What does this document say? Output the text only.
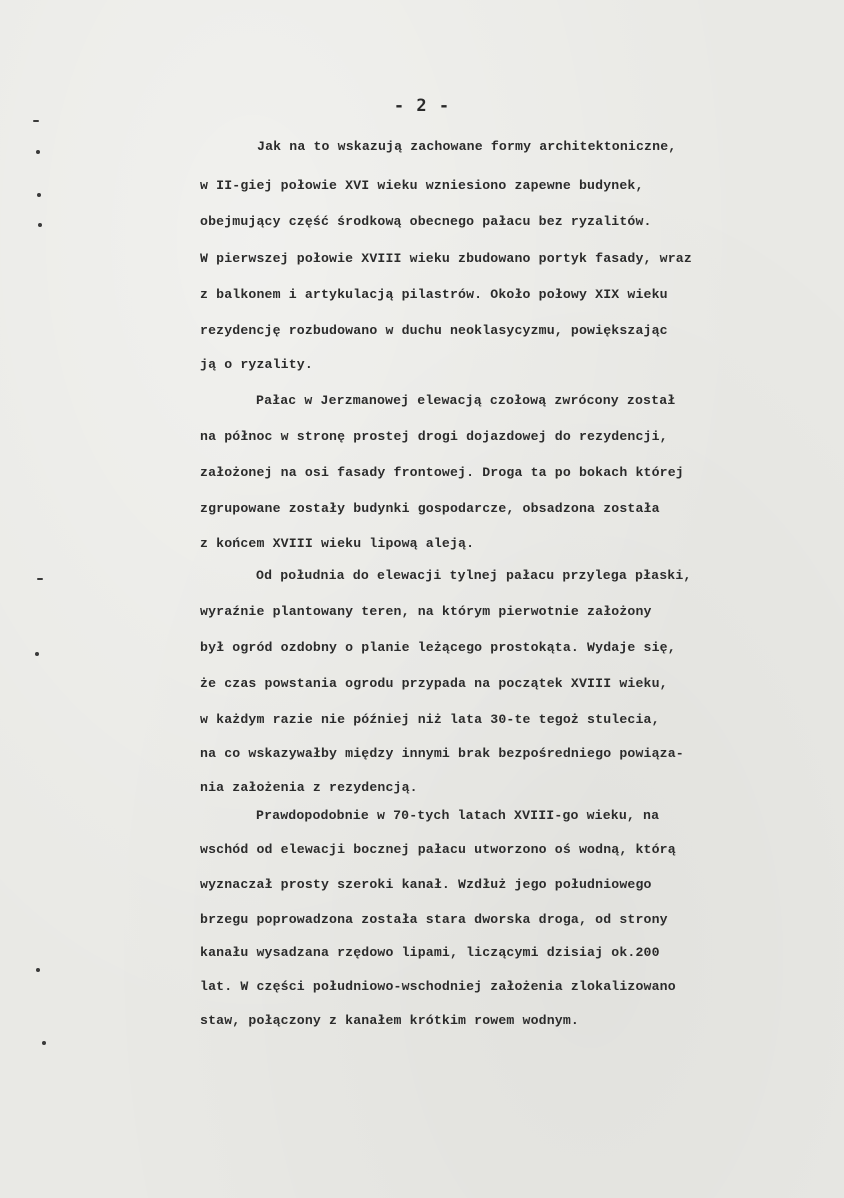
- 2 -
Jak na to wskazują zachowane formy architektoniczne,
w II-giej połowie XVI wieku wzniesiono zapewne budynek,
obejmujący część środkową obecnego pałacu bez ryzalitów.
W pierwszej połowie XVIII wieku zbudowano portyk fasady, wraz
z balkonem i artykulacją pilastrów. Około połowy XIX wieku
rezydencję rozbudowano w duchu neoklasycyzmu, powiększając
ją o ryzality.
Pałac w Jerzmanowej elewacją czołową zwrócony został
na północ w stronę prostej drogi dojazdowej do rezydencji,
założonej na osi fasady frontowej. Droga ta po bokach której
zgrupowane zostały budynki gospodarcze, obsadzona została
z końcem XVIII wieku lipową aleją.
Od południa do elewacji tylnej pałacu przylega płaski,
wyraźnie plantowany teren, na którym pierwotnie założony
był ogród ozdobny o planie leżącego prostokąta. Wydaje się,
że czas powstania ogrodu przypada na początek XVIII wieku,
w każdym razie nie później niż lata 30-te tegoż stulecia,
na co wskazywałby między innymi brak bezpośredniego powiąza-
nia założenia z rezydencją.
Prawdopodobnie w 70-tych latach XVIII-go wieku, na
wschód od elewacji bocznej pałacu utworzono oś wodną, którą
wyznaczał prosty szeroki kanał. Wzdłuż jego południowego
brzegu poprowadzona została stara dworska droga, od strony
kanału wysadzana rzędowo lipami, liczącymi dzisiaj ok.200
lat. W części południowo-wschodniej założenia zlokalizowano
staw, połączony z kanałem krótkim rowem wodnym.
